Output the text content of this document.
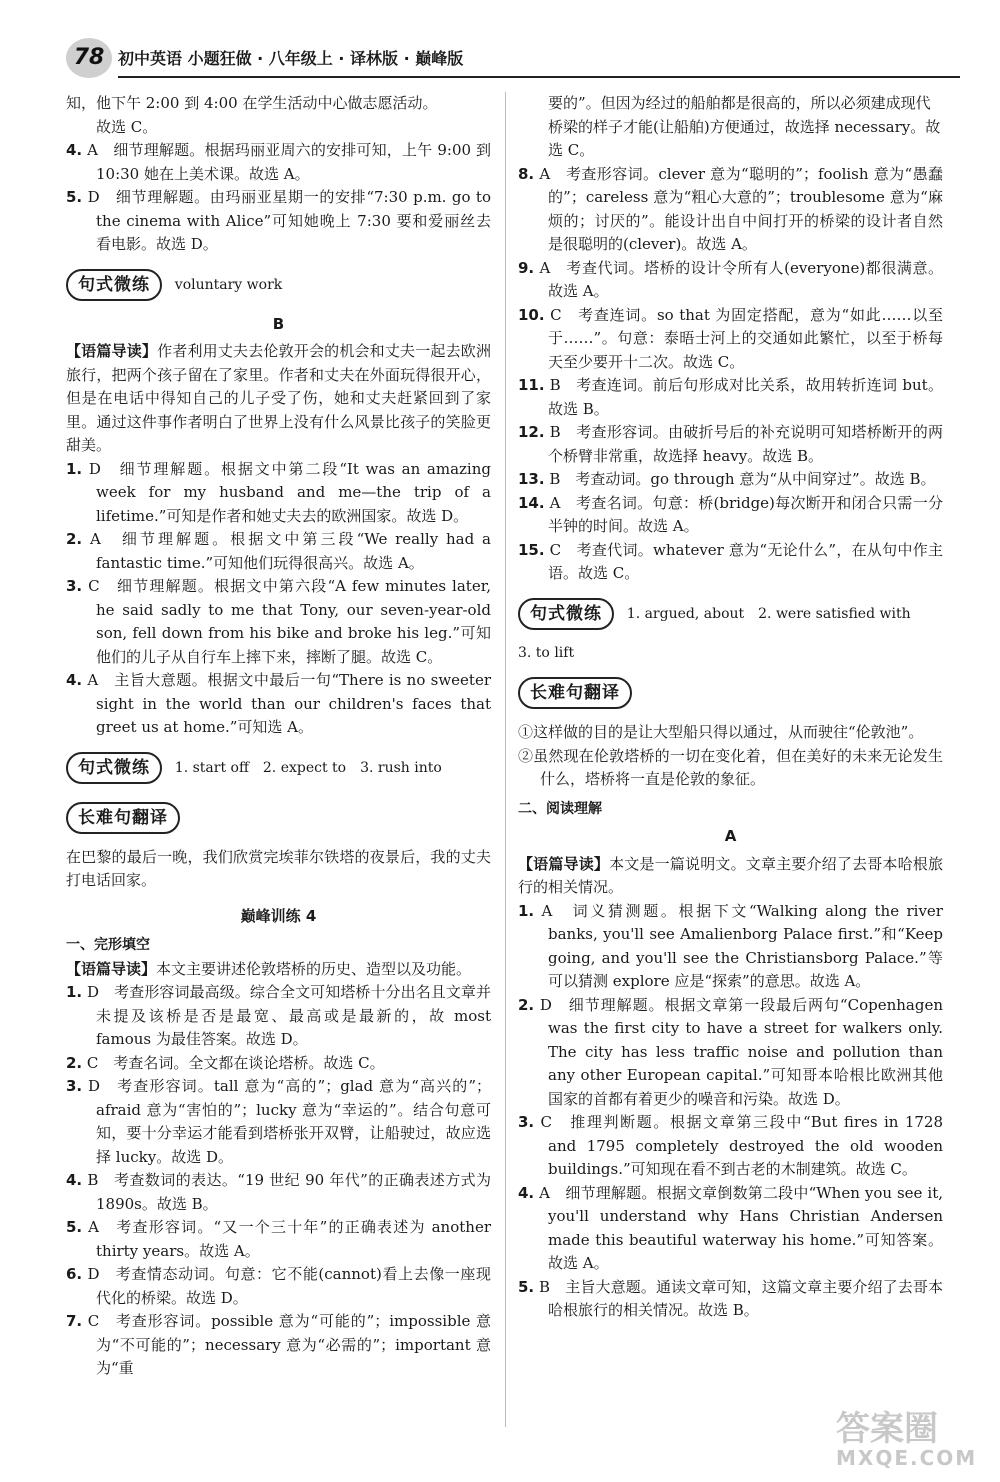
78 初中英语 小题狂做 · 八年级上 · 译林版 · 巅峰版

知，他下午 2:00 到 4:00 在学生活动中心做志愿活动。

故选 C。

4. A　细节理解题。根据玛丽亚周六的安排可知，上午 9:00 到 10:30 她在上美术课。故选 A。

5. D　细节理解题。由玛丽亚星期一的安排“7:30 p.m. go to the cinema with Alice”可知她晚上 7:30 要和爱丽丝去看电影。故选 D。

句式微练 voluntary work

B

【语篇导读】作者利用丈夫去伦敦开会的机会和丈夫一起去欧洲旅行，把两个孩子留在了家里。作者和丈夫在外面玩得很开心，但是在电话中得知自己的儿子受了伤，她和丈夫赶紧回到了家里。通过这件事作者明白了世界上没有什么风景比孩子的笑脸更甜美。

1. D　细节理解题。根据文中第二段“It was an amazing week for my husband and me—the trip of a lifetime.”可知是作者和她丈夫去的欧洲国家。故选 D。

2. A　细节理解题。根据文中第三段“We really had a fantastic time.”可知他们玩得很高兴。故选 A。

3. C　细节理解题。根据文中第六段“A few minutes later, he said sadly to me that Tony, our seven-year-old son, fell down from his bike and broke his leg.”可知他们的儿子从自行车上摔下来，摔断了腿。故选 C。

4. A　主旨大意题。根据文中最后一句“There is no sweeter sight in the world than our children's faces that greet us at home.”可知选 A。

句式微练 1. start off　2. expect to　3. rush into
长难句翻译

在巴黎的最后一晚，我们欣赏完埃菲尔铁塔的夜景后，我的丈夫打电话回家。

巅峰训练 4

一、完形填空

【语篇导读】本文主要讲述伦敦塔桥的历史、造型以及功能。

1. D　考查形容词最高级。综合全文可知塔桥十分出名且文章并未提及该桥是否是最宽、最高或是最新的，故 most famous 为最佳答案。故选 D。

2. C　考查名词。全文都在谈论塔桥。故选 C。

3. D　考查形容词。tall 意为“高的”；glad 意为“高兴的”；afraid 意为“害怕的”；lucky 意为“幸运的”。结合句意可知，要十分幸运才能看到塔桥张开双臂，让船驶过，故应选择 lucky。故选 D。

4. B　考查数词的表达。“19 世纪 90 年代”的正确表述方式为 1890s。故选 B。

5. A　考查形容词。“又一个三十年”的正确表述为 another thirty years。故选 A。

6. D　考查情态动词。句意：它不能(cannot)看上去像一座现代化的桥梁。故选 D。

7. C　考查形容词。possible 意为“可能的”；impossible 意为“不可能的”；necessary 意为“必需的”；important 意为“重

要的”。但因为经过的船舶都是很高的，所以必须建成现代桥梁的样子才能(让船舶)方便通过，故选择 necessary。故选 C。

8. A　考查形容词。clever 意为“聪明的”；foolish 意为“愚蠢的”；careless 意为“粗心大意的”；troublesome 意为“麻烦的；讨厌的”。能设计出自中间打开的桥梁的设计者自然是很聪明的(clever)。故选 A。

9. A　考查代词。塔桥的设计令所有人(everyone)都很满意。故选 A。

10. C　考查连词。so that 为固定搭配，意为“如此……以至于……”。句意：泰晤士河上的交通如此繁忙，以至于桥每天至少要开十二次。故选 C。

11. B　考查连词。前后句形成对比关系，故用转折连词 but。故选 B。

12. B　考查形容词。由破折号后的补充说明可知塔桥断开的两个桥臂非常重，故选择 heavy。故选 B。

13. B　考查动词。go through 意为“从中间穿过”。故选 B。

14. A　考查名词。句意：桥(bridge)每次断开和闭合只需一分半钟的时间。故选 A。

15. C　考查代词。whatever 意为“无论什么”，在从句中作主语。故选 C。

句式微练 1. argued, about　2. were satisfied with

3. to lift

长难句翻译

①这样做的目的是让大型船只得以通过，从而驶往“伦敦池”。

②虽然现在伦敦塔桥的一切在变化着，但在美好的未来无论发生什么，塔桥将一直是伦敦的象征。

二、阅读理解

A

【语篇导读】本文是一篇说明文。文章主要介绍了去哥本哈根旅行的相关情况。

1. A　词义猜测题。根据下文“Walking along the river banks, you'll see Amalienborg Palace first.”和“Keep going, and you'll see the Christiansborg Palace.”等可以猜测 explore 应是“探索”的意思。故选 A。

2. D　细节理解题。根据文章第一段最后两句“Copenhagen was the first city to have a street for walkers only. The city has less traffic noise and pollution than any other European capital.”可知哥本哈根比欧洲其他国家的首都有着更少的噪音和污染。故选 D。

3. C　推理判断题。根据文章第三段中“But fires in 1728 and 1795 completely destroyed the old wooden buildings.”可知现在看不到古老的木制建筑。故选 C。

4. A　细节理解题。根据文章倒数第二段中“When you see it, you'll understand why Hans Christian Andersen made this beautiful waterway his home.”可知答案。故选 A。

5. B　主旨大意题。通读文章可知，这篇文章主要介绍了去哥本哈根旅行的相关情况。故选 B。

答案圈
MXQE.COM
